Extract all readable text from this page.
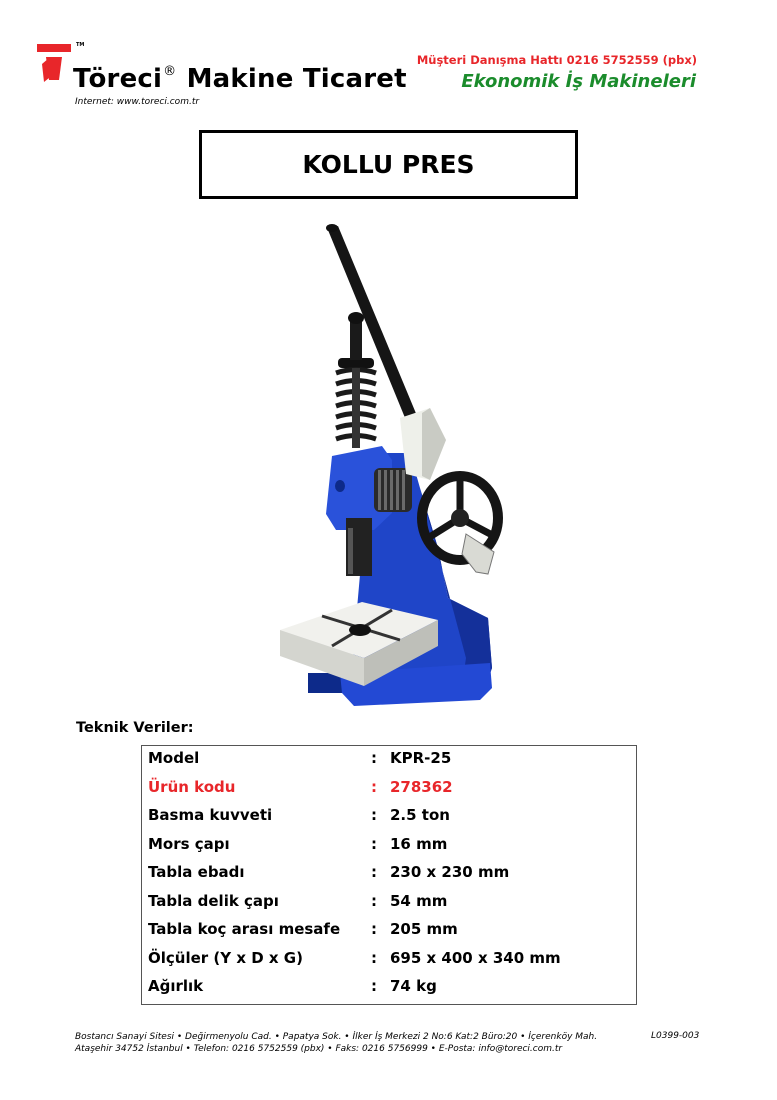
TM
Töreci® Makine Ticaret
Internet: www.toreci.com.tr
Müşteri Danışma Hattı 0216 5752559 (pbx)
Ekonomik İş Makineleri
KOLLU PRES
Teknik Veriler:
Model	: KPR-25
Ürün kodu	: 278362
Basma kuvveti	: 2.5 ton
Mors çapı	: 16 mm
Tabla ebadı	: 230 x 230 mm
Tabla delik çapı	: 54 mm
Tabla koç arası mesafe : 205 mm
Ölçüler (Y x D x G)	: 695 x 400 x 340 mm
Ağırlık	: 74 kg
Bostancı Sanayi Sitesi • Değirmenyolu Cad. • Papatya Sok. • İlker İş Merkezi 2 No:6 Kat:2 Büro:20 • İçerenköy Mah.
Ataşehir 34752 İstanbul • Telefon: 0216 5752559 (pbx) • Faks: 0216 5756999 • E-Posta: info@toreci.com.tr
L0399-003
